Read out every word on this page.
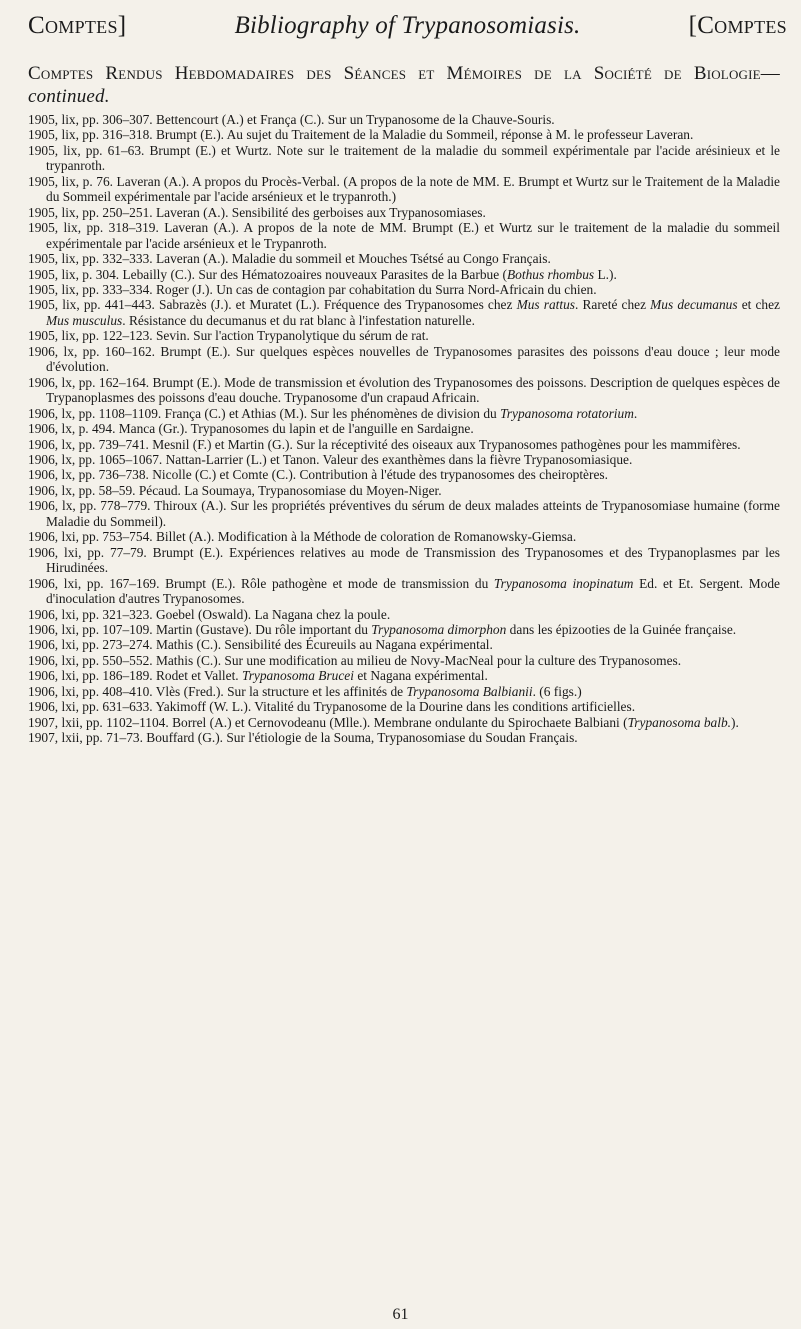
Comptes]	Bibliography of Trypanosomiasis.	[Comptes
Comptes Rendus Hebdomadaires des Séances et Mémoires de la Société de Biologie—continued.

1905, lix, pp. 306–307. Bettencourt (A.) et França (C.). Sur un Trypanosome de la Chauve-Souris.

1905, lix, pp. 316–318. Brumpt (E.). Au sujet du Traitement de la Maladie du Sommeil, réponse à M. le professeur Laveran.

1905, lix, pp. 61–63. Brumpt (E.) et Wurtz. Note sur le traitement de la maladie du sommeil expérimentale par l'acide arésinieux et le trypanroth.

1905, lix, p. 76. Laveran (A.). A propos du Procès-Verbal. (A propos de la note de MM. E. Brumpt et Wurtz sur le Traitement de la Maladie du Sommeil expérimentale par l'acide arsénieux et le trypanroth.)

1905, lix, pp. 250–251. Laveran (A.). Sensibilité des gerboises aux Trypanosomiases.

1905, lix, pp. 318–319. Laveran (A.). A propos de la note de MM. Brumpt (E.) et Wurtz sur le traitement de la maladie du sommeil expérimentale par l'acide arsénieux et le Trypanroth.

1905, lix, pp. 332–333. Laveran (A.). Maladie du sommeil et Mouches Tsétsé au Congo Français.

1905, lix, p. 304. Lebailly (C.). Sur des Hématozoaires nouveaux Parasites de la Barbue (Bothus rhombus L.).

1905, lix, pp. 333–334. Roger (J.). Un cas de contagion par cohabitation du Surra Nord-Africain du chien.

1905, lix, pp. 441–443. Sabrazès (J.). et Muratet (L.). Fréquence des Trypanosomes chez Mus rattus. Rareté chez Mus decumanus et chez Mus musculus. Résistance du decumanus et du rat blanc à l'infestation naturelle.

1905, lix, pp. 122–123. Sevin. Sur l'action Trypanolytique du sérum de rat.

1906, lx, pp. 160–162. Brumpt (E.). Sur quelques espèces nouvelles de Trypanosomes parasites des poissons d'eau douce ; leur mode d'évolution.

1906, lx, pp. 162–164. Brumpt (E.). Mode de transmission et évolution des Trypanosomes des poissons. Description de quelques espèces de Trypanoplasmes des poissons d'eau douche. Trypanosome d'un crapaud Africain.

1906, lx, pp. 1108–1109. França (C.) et Athias (M.). Sur les phénomènes de division du Trypanosoma rotatorium.

1906, lx, p. 494. Manca (Gr.). Trypanosomes du lapin et de l'anguille en Sardaigne.

1906, lx, pp. 739–741. Mesnil (F.) et Martin (G.). Sur la réceptivité des oiseaux aux Trypanosomes pathogènes pour les mammifères.

1906, lx, pp. 1065–1067. Nattan-Larrier (L.) et Tanon. Valeur des exanthèmes dans la fièvre Trypanosomiasique.

1906, lx, pp. 736–738. Nicolle (C.) et Comte (C.). Contribution à l'étude des trypanosomes des cheiroptères.

1906, lx, pp. 58–59. Pécaud. La Soumaya, Trypanosomiase du Moyen-Niger.

1906, lx, pp. 778–779. Thiroux (A.). Sur les propriétés préventives du sérum de deux malades atteints de Trypanosomiase humaine (forme Maladie du Sommeil).

1906, lxi, pp. 753–754. Billet (A.). Modification à la Méthode de coloration de Romanowsky-Giemsa.

1906, lxi, pp. 77–79. Brumpt (E.). Expériences relatives au mode de Transmission des Trypanosomes et des Trypanoplasmes par les Hirudinées.

1906, lxi, pp. 167–169. Brumpt (E.). Rôle pathogène et mode de transmission du Trypanosoma inopinatum Ed. et Et. Sergent. Mode d'inoculation d'autres Trypanosomes.

1906, lxi, pp. 321–323. Goebel (Oswald). La Nagana chez la poule.

1906, lxi, pp. 107–109. Martin (Gustave). Du rôle important du Trypanosoma dimorphon dans les épizooties de la Guinée française.

1906, lxi, pp. 273–274. Mathis (C.). Sensibilité des Écureuils au Nagana expérimental.

1906, lxi, pp. 550–552. Mathis (C.). Sur une modification au milieu de Novy-MacNeal pour la culture des Trypanosomes.

1906, lxi, pp. 186–189. Rodet et Vallet. Trypanosoma Brucei et Nagana expérimental.

1906, lxi, pp. 408–410. Vlès (Fred.). Sur la structure et les affinités de Trypanosoma Balbianii. (6 figs.)

1906, lxi, pp. 631–633. Yakimoff (W. L.). Vitalité du Trypanosome de la Dourine dans les conditions artificielles.

1907, lxii, pp. 1102–1104. Borrel (A.) et Cernovodeanu (Mlle.). Membrane ondulante du Spirochaete Balbiani (Trypanosoma balb.).

1907, lxii, pp. 71–73. Bouffard (G.). Sur l'étiologie de la Souma, Trypanosomiase du Soudan Français.

61
